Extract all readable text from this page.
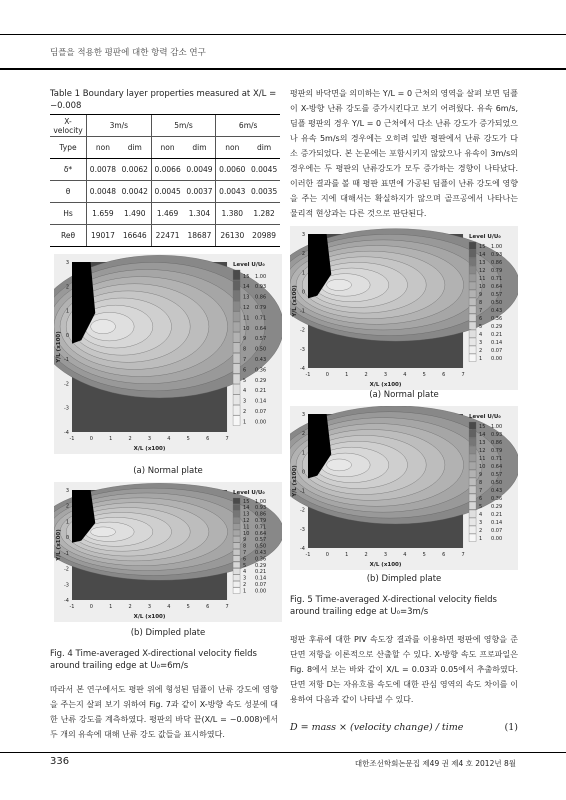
딤플을 적용한 평판에 대한 항력 감소 연구
Table 1 Boundary layer properties measured at X/L = −0.008
X-velocity	3m/s		5m/s		6m/s	
Type	non	dim	non	dim	non	dim
δ*	0.0078	0.0062	0.0066	0.0049	0.0060	0.0045
θ	0.0048	0.0042	0.0045	0.0037	0.0043	0.0035
Hs	1.659	1.490	1.469	1.304	1.380	1.282
Reθ	19017	16646	22471	18687	26130	20989
-1	0	1	2	3	4	5	6	7
3
2
1
0
-1
-2
-3
-4
X/L (x100)
Y/L (x100)
Level U/U₀
15 1.00
14 0.93
13 0.86
12 0.79
11 0.71
10 0.64
9 0.57
8 0.50
7 0.43
6 0.36
5 0.29
4 0.21
3 0.14
2 0.07
1 0.00
(a) Normal plate
-1	0	1	2	3	4	5	6	7
3
2
1
0
-1
-2
-3
-4
X/L (x100)
Y/L (x100)
Level U/U₀
15 1.00
14 0.93
13 0.86
12 0.79
11 0.71
10 0.64
9 0.57
8 0.50
7 0.43
6 0.36
5 0.29
4 0.21
3 0.14
2 0.07
1 0.00
(b) Dimpled plate
Fig. 4 Time-averaged X-directional velocity fields around trailing edge at U₀=6m/s
따라서 본 연구에서도 평판 위에 형성된 딤플이 난류 강도에 영향을 주는지 살펴 보기 위하여 Fig. 7과 같이 X-방향 속도 성분에 대한 난류 강도를 계측하였다. 평판의 바닥 끝(X/L = −0.008)에서 두 개의 유속에 대해 난류 강도 값들을 표시하였다.
평판의 바닥면을 의미하는 Y/L = 0 근처의 영역을 살펴 보면 딤플이 X-방향 난류 강도를 증가시킨다고 보기 어려웠다. 유속 6m/s, 딤플 평판의 경우 Y/L = 0 근처에서 다소 난류 강도가 증가되었으나 유속 5m/s의 경우에는 오히려 일반 평판에서 난류 강도가 다소 증가되었다. 본 논문에는 포함시키지 않았으나 유속이 3m/s의 경우에는 두 평판의 난류강도가 모두 증가하는 경향이 나타났다. 이러한 결과를 볼 때 평판 표면에 가공된 딤플이 난류 강도에 영향을 주는 지에 대해서는 확실하지가 않으며 골프공에서 나타나는 물리적 현상과는 다른 것으로 판단된다.
-1	0	1	2	3	4	5	6	7
3
2
1
0
-1
-2
-3
-4
X/L (x100)
Y/L (x100)
Level U/U₀
15 1.00
14 0.93
13 0.86
12 0.79
11 0.71
10 0.64
9 0.57
8 0.50
7 0.43
6 0.36
5 0.29
4 0.21
3 0.14
2 0.07
1 0.00
(a) Normal plate
-1	0	1	2	3	4	5	6	7
3
2
1
0
-1
-2
-3
-4
X/L (x100)
Y/L (x100)
Level U/U₀
15 1.00
14 0.93
13 0.86
12 0.79
11 0.71
10 0.64
9 0.57
8 0.50
7 0.43
6 0.36
5 0.29
4 0.21
3 0.14
2 0.07
1 0.00
(b) Dimpled plate
Fig. 5 Time-averaged X-directional velocity fields around trailing edge at U₀=3m/s
평판 후류에 대한 PIV 속도장 결과를 이용하면 평판에 영향을 준 단면 저항을 이론적으로 산출할 수 있다. X-방향 속도 프로파일은 Fig. 8에서 보는 바와 같이 X/L = 0.03과 0.05에서 추출하였다. 단면 저항 D는 자유흐름 속도에 대한 관심 영역의 속도 차이를 이용하여 다음과 같이 나타낼 수 있다.
D = mass × (velocity change) / time	(1)
336	대한조선학회논문집 제49 권 제4 호 2012년 8월
